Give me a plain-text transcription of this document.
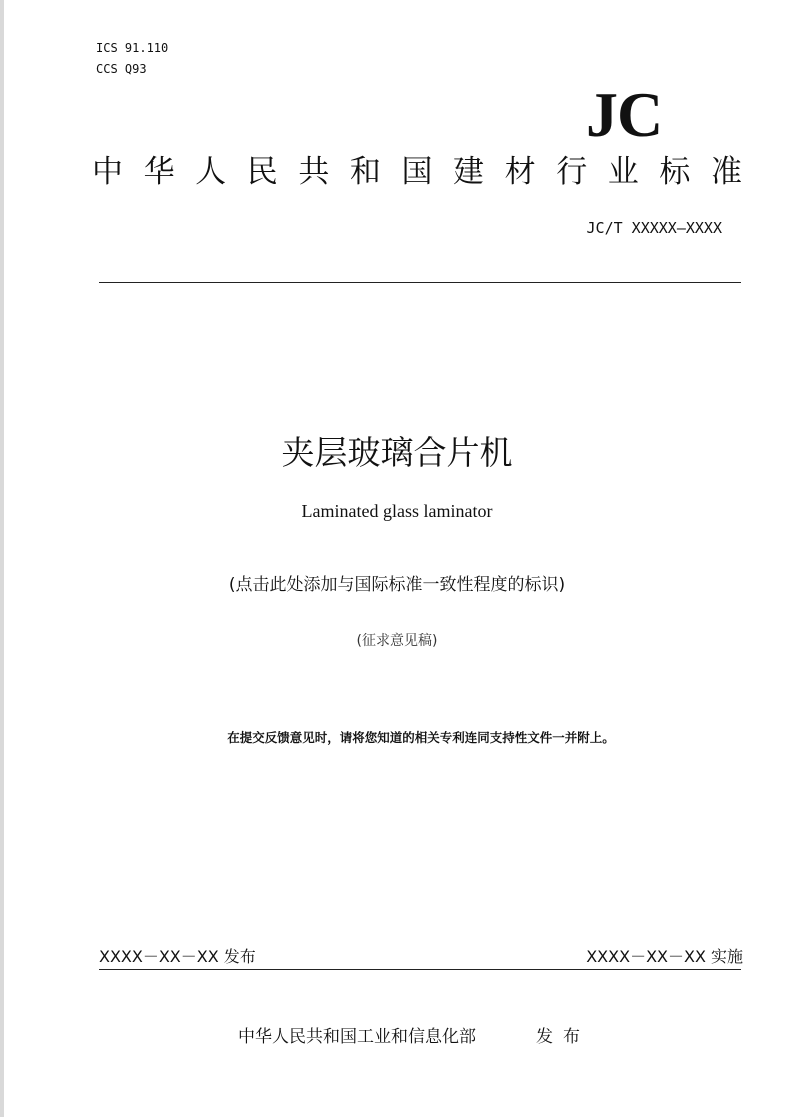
ICS 91.110
CCS Q93
JC
中 华 人 民 共 和 国 建 材 行 业 标 准
JC/T XXXXX—XXXX
夹层玻璃合片机
Laminated glass laminator
(点击此处添加与国际标准一致性程度的标识)
(征求意见稿)
在提交反馈意见时，请将您知道的相关专利连同支持性文件一并附上。
XXXX－XX－XX 发布	XXXX－XX－XX 实施
中华人民共和国工业和信息化部	发布
